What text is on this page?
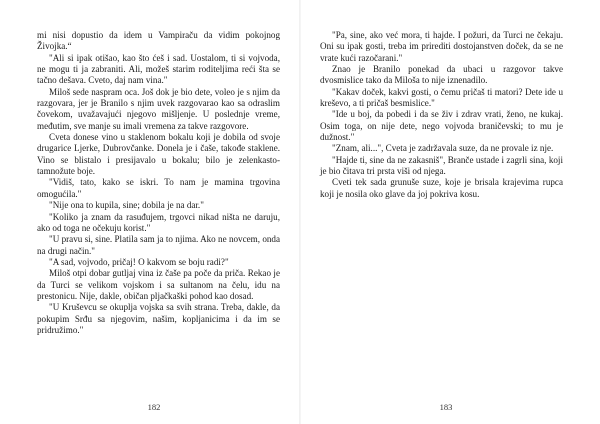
mi nisi dopustio da idem u Vampiraču da vidim pokojnog Živojka.“

"Ali si ipak otišao, kao što ćeš i sad. Uostalom, ti si vojvoda, ne mogu ti ja zabraniti. Ali, možeš starim roditeljima reći šta se tačno dešava. Cveto, daj nam vina."

Miloš sede naspram oca. Još dok je bio dete, voleo je s njim da razgovara, jer je Branilo s njim uvek razgovarao kao sa odraslim čovekom, uvažavajući njegovo mišljenje. U poslednje vreme, međutim, sve manje su imali vremena za takve razgovore.

Cveta donese vino u staklenom bokalu koji je dobila od svoje drugarice Ljerke, Dubrovčanke. Donela je i čaše, takođe staklene. Vino se blistalo i presijavalo u bokalu; bilo je zelenkasto-tamnožute boje.

"Vidiš, tato, kako se iskri. To nam je mamina trgovina omogućila."

"Nije ona to kupila, sine; dobila je na dar."

"Koliko ja znam da rasuđujem, trgovci nikad ništa ne daruju, ako od toga ne očekuju korist."

"U pravu si, sine. Platila sam ja to njima. Ako ne novcem, onda na drugi način."

"A sad, vojvodo, pričaj! O kakvom se boju radi?"

Miloš otpi dobar gutljaj vina iz čaše pa poče da priča. Rekao je da Turci se velikom vojskom i sa sultanom na čelu, idu na prestonicu. Nije, dakle, običan pljačkaški pohod kao dosad.

"U Kruševcu se okuplja vojska sa svih strana. Treba, dakle, da pokupim Srđu sa njegovim, našim, kopljanicima i da im se pridružimo."

182

"Pa, sine, ako već mora, ti hajde. I požuri, da Turci ne čekaju. Oni su ipak gosti, treba im prirediti dostojanstven doček, da se ne vrate kući razočarani."

Znao je Branilo ponekad da ubaci u razgovor takve dvosmislice tako da Miloša to nije iznenadilo.

"Kakav doček, kakvi gosti, o čemu pričaš ti matori? Dete ide u kreševo, a ti pričaš besmislice."

"Ide u boj, da pobedi i da se živ i zdrav vrati, ženo, ne kukaj. Osim toga, on nije dete, nego vojvoda braničevski; to mu je dužnost."

"Znam, ali...", Cveta je zadržavala suze, da ne provale iz nje.

"Hajde ti, sine da ne zakasniš", Branče ustade i zagrli sina, koji je bio čitava tri prsta viši od njega.

Cveti tek sada grunuše suze, koje je brisala krajevima rupca koji je nosila oko glave da joj pokriva kosu.

183
